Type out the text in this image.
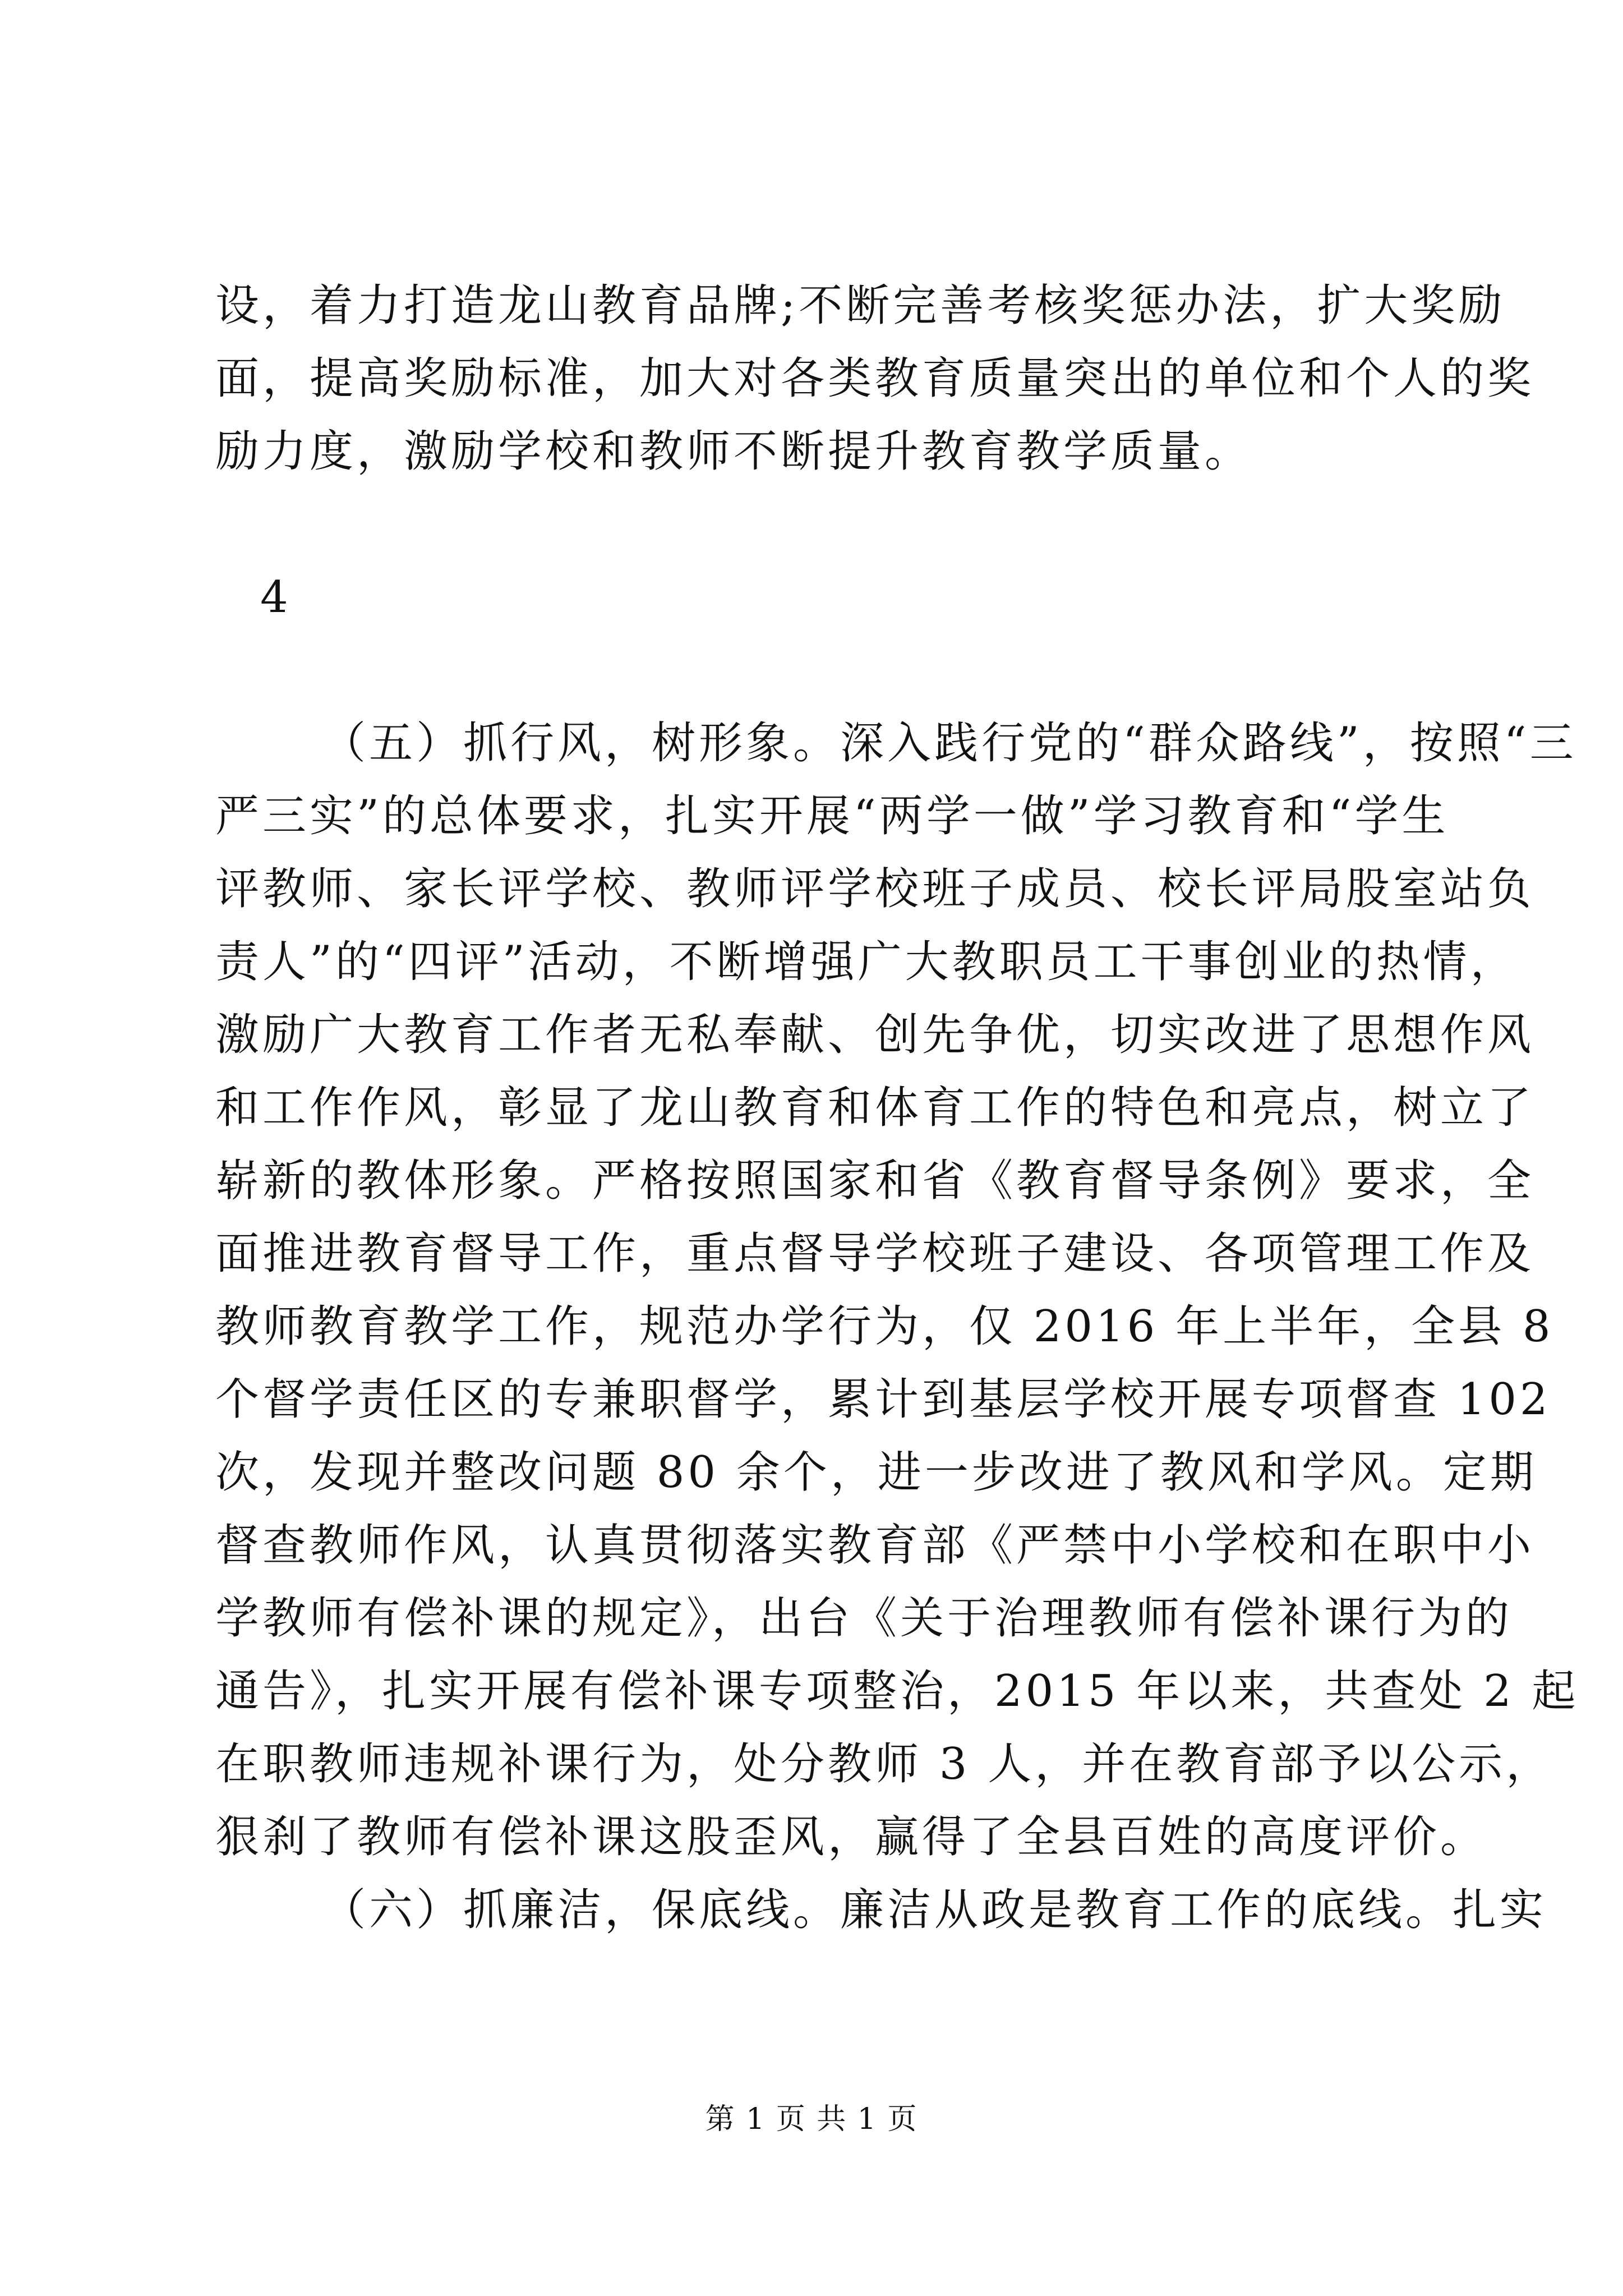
设，着力打造龙山教育品牌;不断完善考核奖惩办法，扩大奖励
面，提高奖励标准，加大对各类教育质量突出的单位和个人的奖
励力度，激励学校和教师不断提升教育教学质量。
4
（五）抓行风，树形象。深入践行党的“群众路线”，按照“三
严三实”的总体要求，扎实开展“两学一做”学习教育和“学生
评教师、家长评学校、教师评学校班子成员、校长评局股室站负
责人”的“四评”活动，不断增强广大教职员工干事创业的热情，
激励广大教育工作者无私奉献、创先争优，切实改进了思想作风
和工作作风，彰显了龙山教育和体育工作的特色和亮点，树立了
崭新的教体形象。严格按照国家和省《教育督导条例》要求，全
面推进教育督导工作，重点督导学校班子建设、各项管理工作及
教师教育教学工作，规范办学行为，仅 2016 年上半年，全县 8
个督学责任区的专兼职督学，累计到基层学校开展专项督查 102
次，发现并整改问题 80 余个，进一步改进了教风和学风。定期
督查教师作风，认真贯彻落实教育部《严禁中小学校和在职中小
学教师有偿补课的规定》，出台《关于治理教师有偿补课行为的
通告》，扎实开展有偿补课专项整治，2015 年以来，共查处 2 起
在职教师违规补课行为，处分教师 3 人，并在教育部予以公示，
狠刹了教师有偿补课这股歪风，赢得了全县百姓的高度评价。
（六）抓廉洁，保底线。廉洁从政是教育工作的底线。扎实
第 1 页 共 1 页
